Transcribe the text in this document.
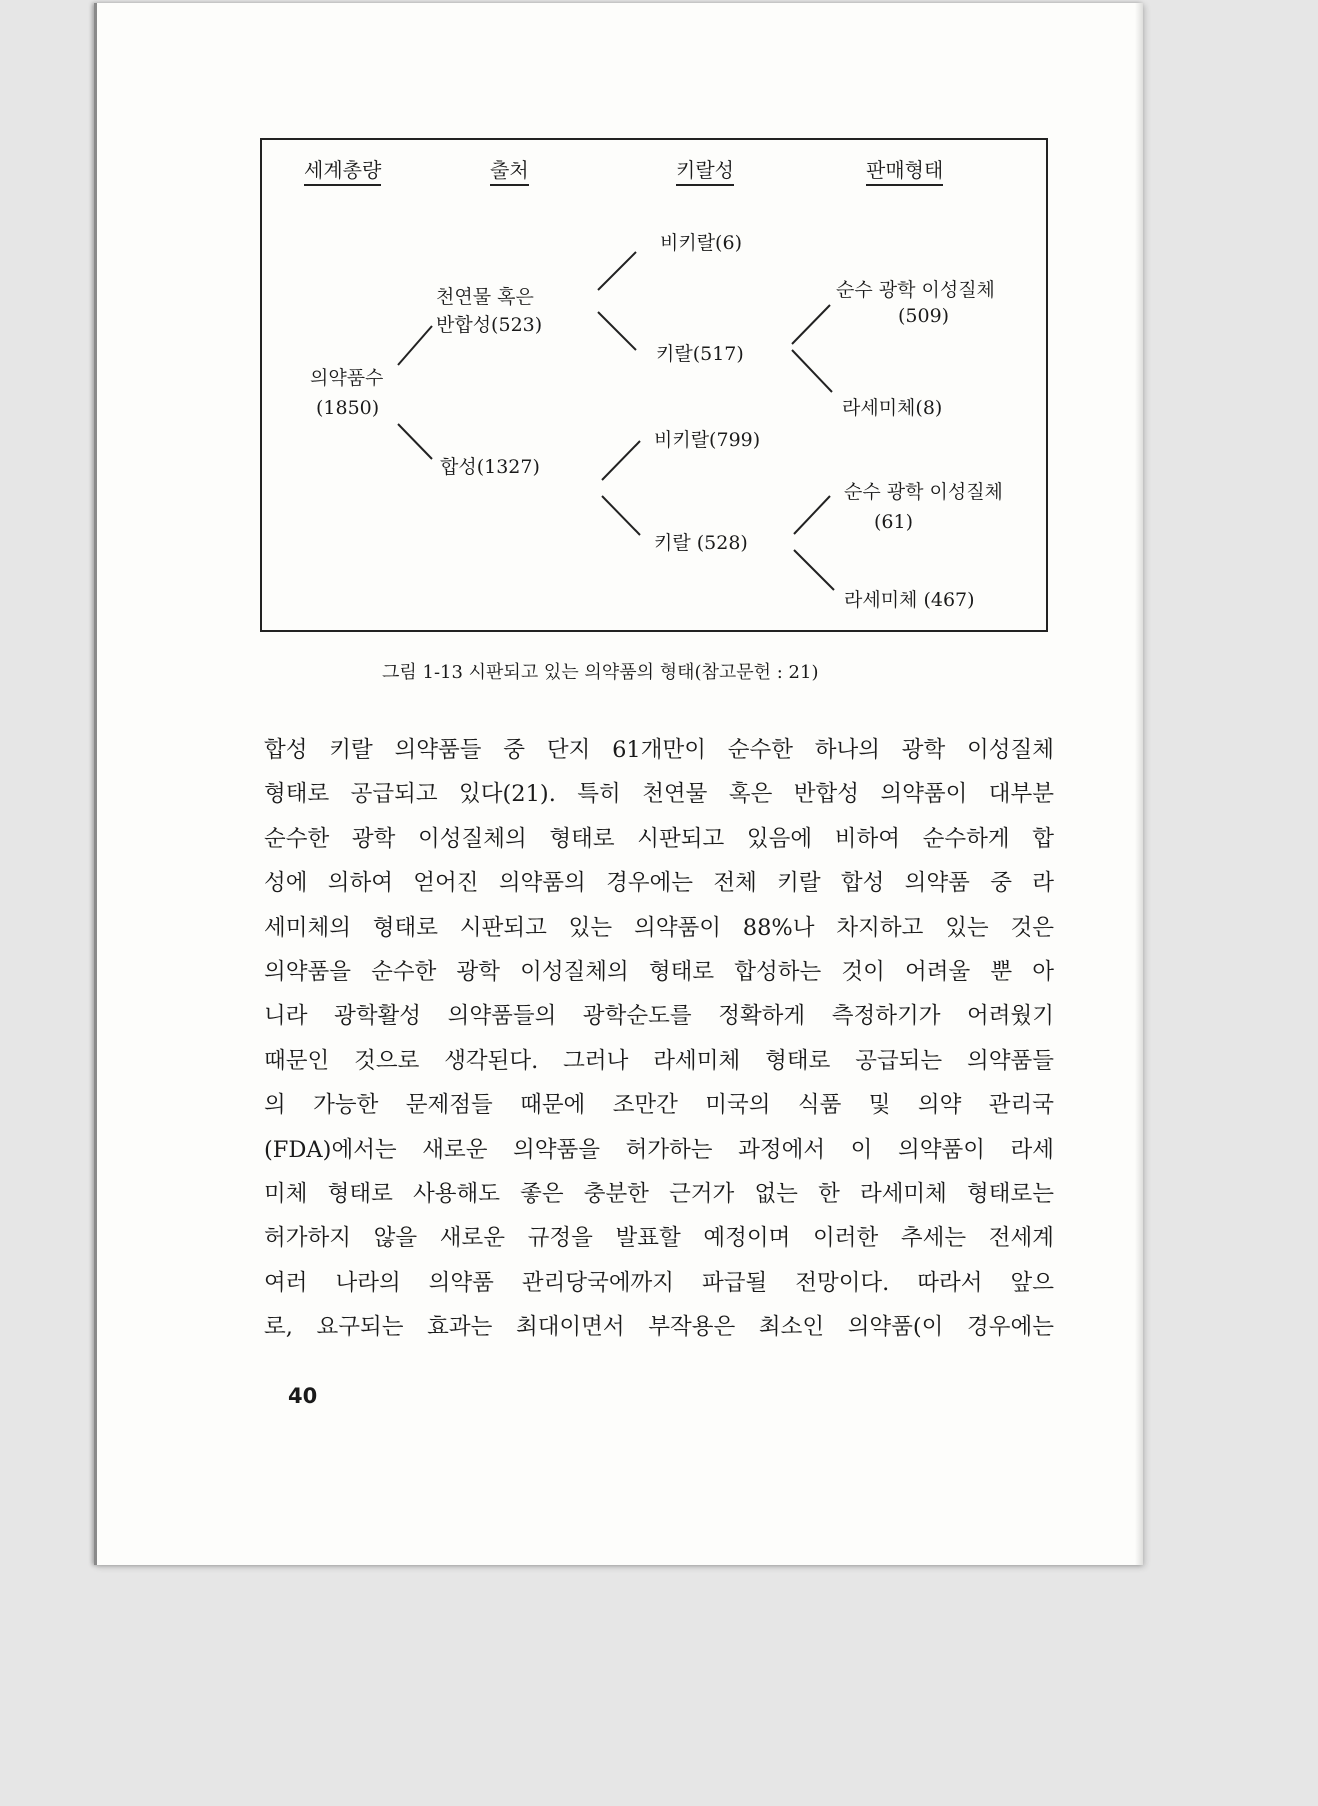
세계총량	출처	키랄성	판매형태
의약품수
(1850)
천연물 혹은
반합성(523)
합성(1327)
비키랄(6)
키랄(517)
비키랄(799)
키랄 (528)
순수 광학 이성질체
(509)
라세미체(8)
순수 광학 이성질체
(61)
라세미체 (467)
그림 1-13 시판되고 있는 의약품의 형태(참고문헌 : 21)
합성 키랄 의약품들 중 단지 61개만이 순수한 하나의 광학 이성질체
형태로 공급되고 있다(21). 특히 천연물 혹은 반합성 의약품이 대부분
순수한 광학 이성질체의 형태로 시판되고 있음에 비하여 순수하게 합
성에 의하여 얻어진 의약품의 경우에는 전체 키랄 합성 의약품 중 라
세미체의 형태로 시판되고 있는 의약품이 88%나 차지하고 있는 것은
의약품을 순수한 광학 이성질체의 형태로 합성하는 것이 어려울 뿐 아
니라 광학활성 의약품들의 광학순도를 정확하게 측정하기가 어려웠기
때문인 것으로 생각된다. 그러나 라세미체 형태로 공급되는 의약품들
의 가능한 문제점들 때문에 조만간 미국의 식품 및 의약 관리국
(FDA)에서는 새로운 의약품을 허가하는 과정에서 이 의약품이 라세
미체 형태로 사용해도 좋은 충분한 근거가 없는 한 라세미체 형태로는
허가하지 않을 새로운 규정을 발표할 예정이며 이러한 추세는 전세계
여러 나라의 의약품 관리당국에까지 파급될 전망이다. 따라서 앞으
로, 요구되는 효과는 최대이면서 부작용은 최소인 의약품(이 경우에는
40
